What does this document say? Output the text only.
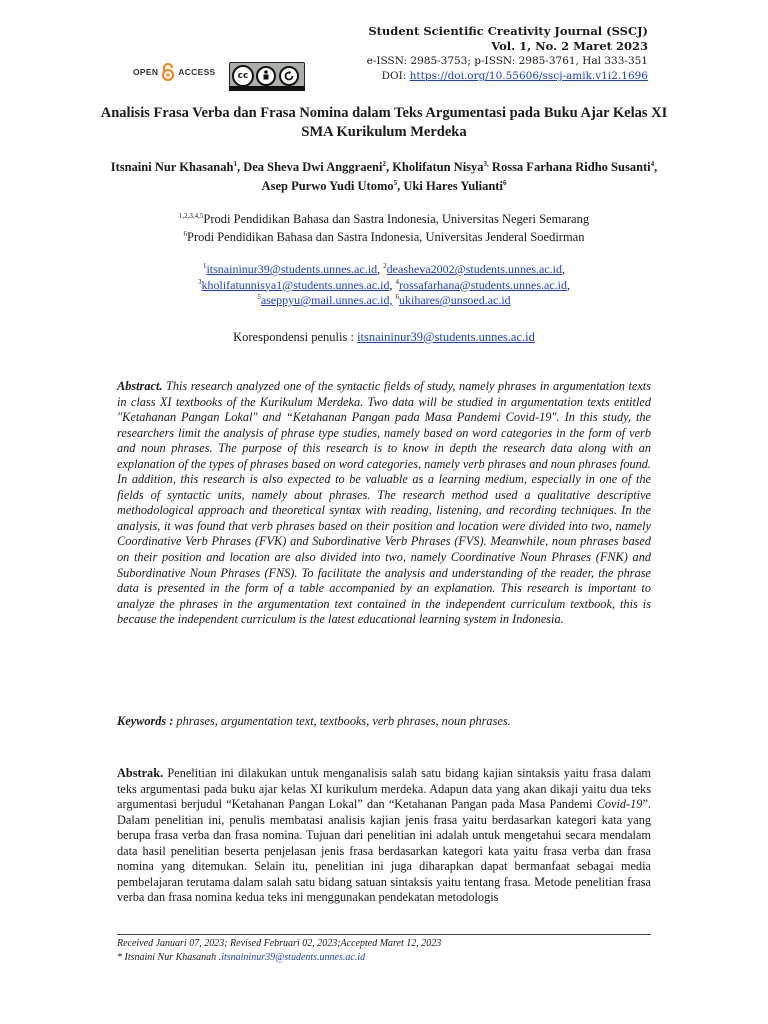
OPEN ACCESS	cc
Student Scientific Creativity Journal (SSCJ)
Vol. 1, No. 2 Maret 2023
e-ISSN: 2985-3753; p-ISSN: 2985-3761, Hal 333-351
DOI: https://doi.org/10.55606/sscj-amik.v1i2.1696
Analisis Frasa Verba dan Frasa Nomina dalam Teks Argumentasi pada Buku Ajar Kelas XI SMA Kurikulum Merdeka
Itsnaini Nur Khasanah$^1$, Dea Sheva Dwi Anggraeni$^2$, Kholifatun Nisya$^{3,}$ Rossa Farhana Ridho Susanti$^4$, Asep Purwo Yudi Utomo$^5$, Uki Hares Yulianti$^6$
$^{1,2,3,4,5}$Prodi Pendidikan Bahasa dan Sastra Indonesia, Universitas Negeri Semarang
$^6$Prodi Pendidikan Bahasa dan Sastra Indonesia, Universitas Jenderal Soedirman
$^1$itsnaininur39@students.unnes.ac.id, $^2$deasheva2002@students.unnes.ac.id,
$^3$kholifatunnisya1@students.unnes.ac.id, $^4$rossafarhana@students.unnes.ac.id,
$^5$aseppyu@mail.unnes.ac.id, $^6$ukihares@unsoed.ac.id
Korespondensi penulis : itsnaininur39@students.unnes.ac.id
Abstract. This research analyzed one of the syntactic fields of study, namely phrases in argumentation texts in class XI textbooks of the Kurikulum Merdeka. Two data will be studied in argumentation texts entitled "Ketahanan Pangan Lokal" and “Ketahanan Pangan pada Masa Pandemi Covid-19". In this study, the researchers limit the analysis of phrase type studies, namely based on word categories in the form of verb and noun phrases. The purpose of this research is to know in depth the research data along with an explanation of the types of phrases based on word categories, namely verb phrases and noun phrases found. In addition, this research is also expected to be valuable as a learning medium, especially in one of the fields of syntactic units, namely about phrases. The research method used a qualitative descriptive methodological approach and theoretical syntax with reading, listening, and recording techniques. In the analysis, it was found that verb phrases based on their position and location were divided into two, namely Coordinative Verb Phrases (FVK) and Subordinative Verb Phrases (FVS). Meanwhile, noun phrases based on their position and location are also divided into two, namely Coordinative Noun Phrases (FNK) and Subordinative Noun Phrases (FNS). To facilitate the analysis and understanding of the reader, the phrase data is presented in the form of a table accompanied by an explanation. This research is important to analyze the phrases in the argumentation text contained in the independent curriculum textbook, this is because the independent curriculum is the latest educational learning system in Indonesia.
Keywords : phrases, argumentation text, textbooks, verb phrases, noun phrases.
Abstrak. Penelitian ini dilakukan untuk menganalisis salah satu bidang kajian sintaksis yaitu frasa dalam teks argumentasi pada buku ajar kelas XI kurikulum merdeka. Adapun data yang akan dikaji yaitu dua teks argumentasi berjudul “Ketahanan Pangan Lokal” dan “Ketahanan Pangan pada Masa Pandemi Covid-19”. Dalam penelitian ini, penulis membatasi analisis kajian jenis frasa yaitu berdasarkan kategori kata yang berupa frasa verba dan frasa nomina. Tujuan dari penelitian ini adalah untuk mengetahui secara mendalam data hasil penelitian beserta penjelasan jenis frasa berdasarkan kategori kata yaitu frasa verba dan frasa nomina yang ditemukan. Selain itu, penelitian ini juga diharapkan dapat bermanfaat sebagai media pembelajaran terutama dalam salah satu bidang satuan sintaksis yaitu tentang frasa. Metode penelitian frasa verba dan frasa nomina kedua teks ini menggunakan pendekatan metodologis
Received Januari 07, 2023; Revised Februari 02, 2023;Accepted Maret 12, 2023
* Itsnaini Nur Khasanah .itsnaininur39@students.unnes.ac.id
